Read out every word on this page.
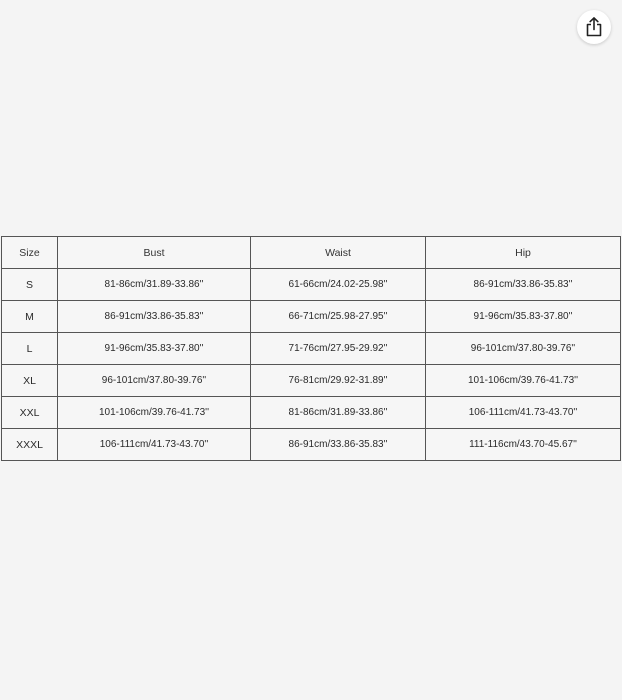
Size	Bust	Waist	Hip
S	81-86cm/31.89-33.86''	61-66cm/24.02-25.98''	86-91cm/33.86-35.83''
M	86-91cm/33.86-35.83''	66-71cm/25.98-27.95''	91-96cm/35.83-37.80''
L	91-96cm/35.83-37.80''	71-76cm/27.95-29.92''	96-101cm/37.80-39.76''
XL	96-101cm/37.80-39.76''	76-81cm/29.92-31.89''	101-106cm/39.76-41.73''
XXL	101-106cm/39.76-41.73''	81-86cm/31.89-33.86''	106-111cm/41.73-43.70''
XXXL	106-111cm/41.73-43.70''	86-91cm/33.86-35.83''	111-116cm/43.70-45.67''
